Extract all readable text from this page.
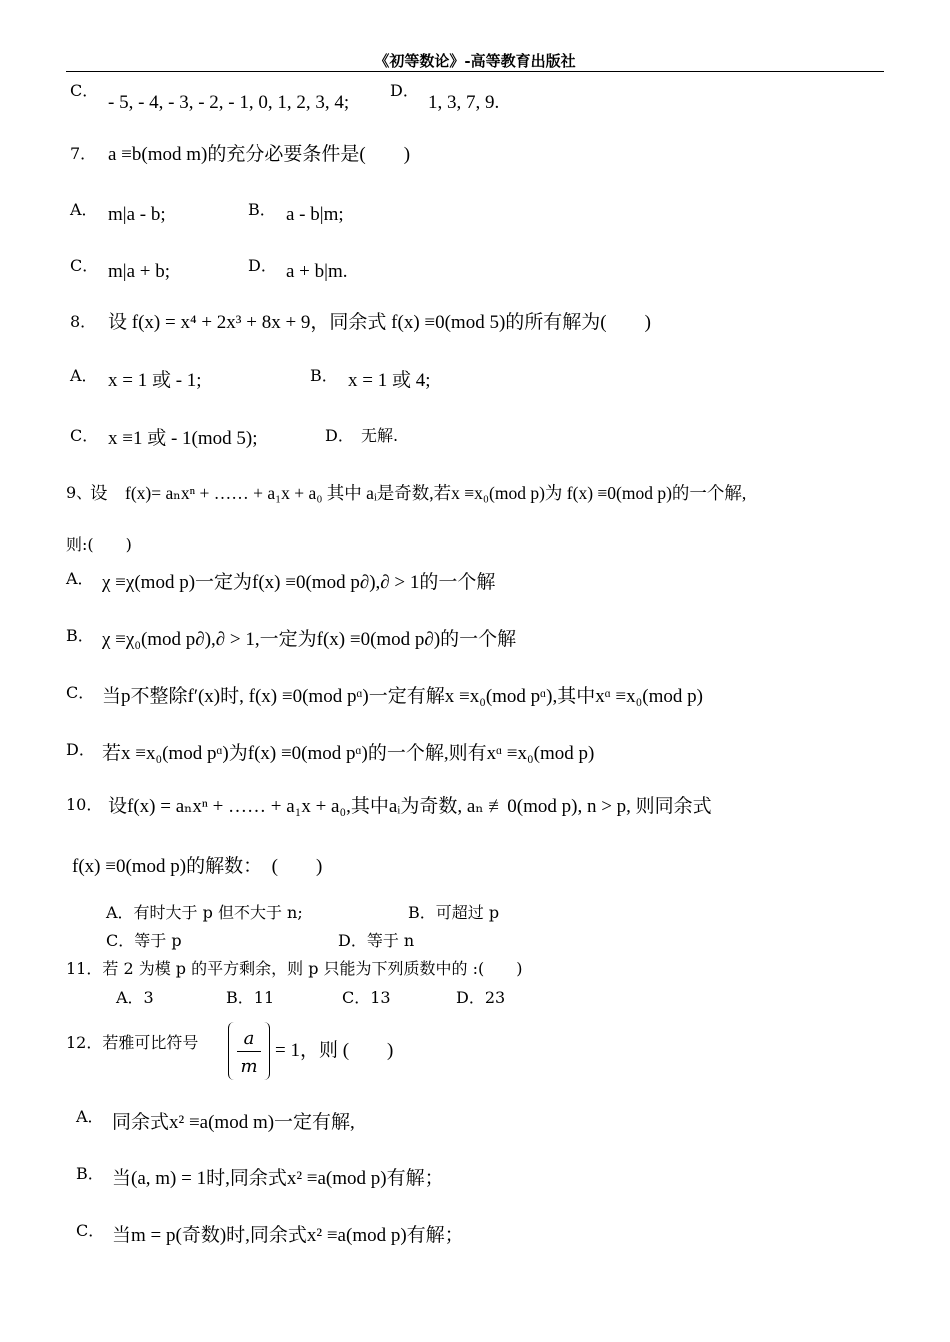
《初等数论》-高等教育出版社
C．
- 5, - 4, - 3, - 2, - 1, 0, 1, 2, 3, 4;
D．
1, 3, 7, 9.
7． a ≡b(mod m)的充分必要条件是(　　)
A． m|a - b;	B． a - b|m;
C． m|a + b;	D． a + b|m.
8． 设 f(x) = x⁴ + 2x³ + 8x + 9，同余式 f(x) ≡0(mod 5)的所有解为(　　)
A． x = 1 或 - 1;	B． x = 1 或 4;
C． x ≡1 或 - 1(mod 5);	D． 无解.
9、
设　f(x)= aₙxⁿ + …… + a₁x + a₀ 其中 aᵢ是奇数,若x ≡x₀(mod p)为 f(x) ≡0(mod p)的一个解,
则:(　　)
A． χ ≡χ(mod p)一定为f(x) ≡0(mod p∂),∂ > 1的一个解
B． χ ≡χ₀(mod p∂),∂ > 1,一定为f(x) ≡0(mod p∂)的一个解
C． 当p不整除f′(x)时, f(x) ≡0(mod pᵅ)一定有解x ≡x₀(mod pᵅ),其中xᵅ ≡x₀(mod p)
D． 若x ≡x₀(mod pᵅ)为f(x) ≡0(mod pᵅ)的一个解,则有xᵅ ≡x₀(mod p)
10． 设f(x) = aₙxⁿ + …… + a₁x + a₀,其中aᵢ为奇数, aₙ ≢0(mod p), n > p, 则同余式
f(x) ≡0(mod p)的解数：　(　　)
A．有时大于 p 但不大于 n;	B．可超过 p
C．等于 p	D．等于 n
11．若 2 为模 p 的平方剩余，则 p 只能为下列质数中的 :(　　)
A．3	B．11	C．13	D．23
12．若雅可比符号	a
m
= 1，则 (　　)
A． 同余式x² ≡a(mod m)一定有解,
B． 当(a, m) = 1时,同余式x² ≡a(mod p)有解；
C． 当m = p(奇数)时,同余式x² ≡a(mod p)有解；
